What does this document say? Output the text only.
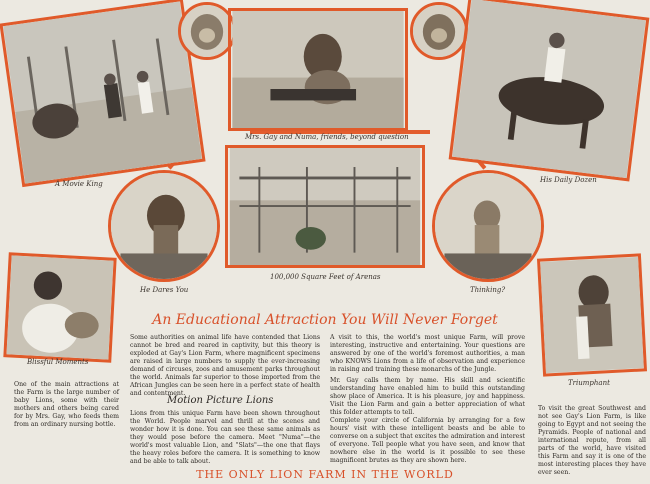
A Movie King
Mrs. Gay and Numa, friends, beyond question
His Daily Dozen
He Dares You
100,000 Square Feet of Arenas
Thinking?
Blissful Moments
Triumphant
An Educational Attraction You Will Never Forget
Some authorities on animal life have contended that Lions cannot be bred and reared in captivity, but this theory is exploded at Gay's Lion Farm, where magnificent specimens are raised in large numbers to supply the ever-increasing demand of circuses, zoos and amusement parks throughout the world. Animals far superior to those imported from the African Jungles can be seen here in a perfect state of health and contentment.
Motion Picture Lions
Lions from this unique Farm have been shown throughout the World. People marvel and thrill at the scenes and wonder how it is done. You can see these same animals as they would pose before the camera. Meet "Numa"—the world's most valuable Lion, and "Slats"—the one that flays the heavy roles before the camera. It is something to know and be able to talk about.
A visit to this, the world's most unique Farm, will prove interesting, instructive and entertaining. Your questions are answered by one of the world's foremost authorities, a man who KNOWS Lions from a life of observation and experience in raising and training these monarchs of the Jungle.
Mr. Gay calls them by name. His skill and scientific understanding have enabled him to build this outstanding show place of America. It is his pleasure, joy and happiness. Visit the Lion Farm and gain a better appreciation of what this folder attempts to tell.
Complete your circle of California by arranging for a few hours' visit with these intelligent beasts and be able to converse on a subject that excites the admiration and interest of everyone. Tell people what you have seen, and know that nowhere else in the world is it possible to see these magnificent brutes as they are shown here.
One of the main attractions at the Farm is the large number of baby Lions, some with their mothers and others being cared for by Mrs. Gay, who feeds them from an ordinary nursing bottle.
To visit the great Southwest and not see Gay's Lion Farm, is like going to Egypt and not seeing the Pyramids. People of national and international repute, from all parts of the world, have visited this Farm and say it is one of the most interesting places they have ever seen.
THE ONLY LION FARM IN THE WORLD
